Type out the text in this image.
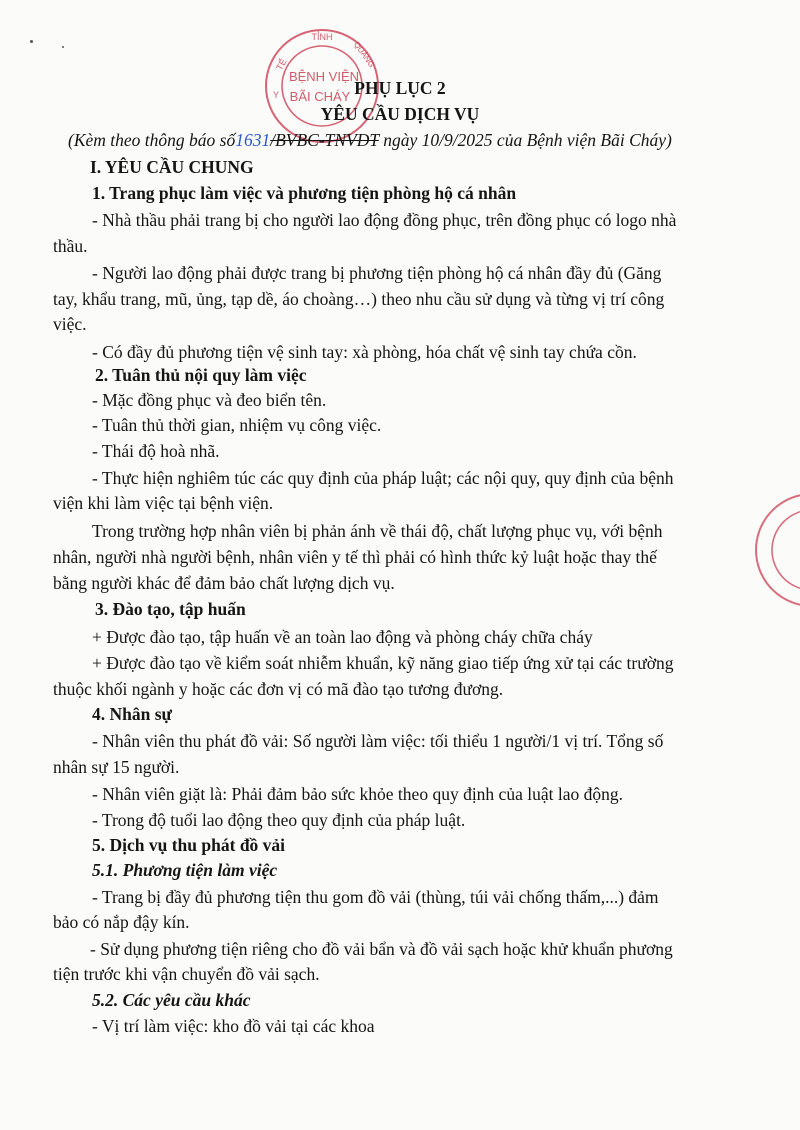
TỈNH
QUẢNG
Y
TẾ
BỆNH VIỆN
BÃI CHÁY PHỤ LỤC 2
YÊU CẦU DỊCH VỤ
(Kèm theo thông báo số1631/BVBC-TNVĐT ngày 10/9/2025 của Bệnh viện Bãi Cháy)
I. YÊU CẦU CHUNG
1. Trang phục làm việc và phương tiện phòng hộ cá nhân
- Nhà thầu phải trang bị cho người lao động đồng phục, trên đồng phục có logo nhà
thầu.
- Người lao động phải được trang bị phương tiện phòng hộ cá nhân đầy đủ (Găng
tay, khẩu trang, mũ, ủng, tạp dề, áo choàng…) theo nhu cầu sử dụng và từng vị trí công
việc.
- Có đầy đủ phương tiện vệ sinh tay: xà phòng, hóa chất vệ sinh tay chứa cồn.
2. Tuân thủ nội quy làm việc
- Mặc đồng phục và đeo biển tên.
- Tuân thủ thời gian, nhiệm vụ công việc.
- Thái độ hoà nhã.
- Thực hiện nghiêm túc các quy định của pháp luật; các nội quy, quy định của bệnh
viện khi làm việc tại bệnh viện.
Trong trường hợp nhân viên bị phản ánh về thái độ, chất lượng phục vụ, với bệnh
nhân, người nhà người bệnh, nhân viên y tế thì phải có hình thức kỷ luật hoặc thay thế
bằng người khác để đảm bảo chất lượng dịch vụ.
3. Đào tạo, tập huấn
+ Được đào tạo, tập huấn về an toàn lao động và phòng cháy chữa cháy
+ Được đào tạo về kiểm soát nhiễm khuẩn, kỹ năng giao tiếp ứng xử tại các trường
thuộc khối ngành y hoặc các đơn vị có mã đào tạo tương đương.
4. Nhân sự
- Nhân viên thu phát đồ vải: Số người làm việc: tối thiểu 1 người/1 vị trí. Tổng số
nhân sự 15 người.
- Nhân viên giặt là: Phải đảm bảo sức khỏe theo quy định của luật lao động.
- Trong độ tuổi lao động theo quy định của pháp luật.
5. Dịch vụ thu phát đồ vải
5.1. Phương tiện làm việc
- Trang bị đầy đủ phương tiện thu gom đồ vải (thùng, túi vải chống thấm,...) đảm
bảo có nắp đậy kín.
- Sử dụng phương tiện riêng cho đồ vải bẩn và đồ vải sạch hoặc khử khuẩn phương
tiện trước khi vận chuyển đồ vải sạch.
5.2. Các yêu cầu khác
- Vị trí làm việc: kho đồ vải tại các khoa
